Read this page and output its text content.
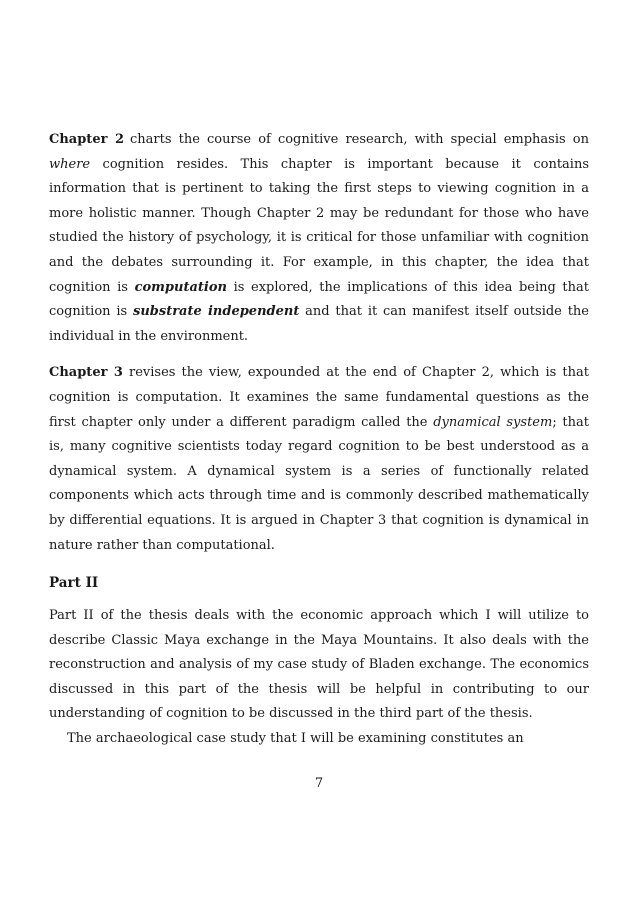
Chapter 2 charts the course of cognitive research, with special emphasis on where cognition resides. This chapter is important because it contains information that is pertinent to taking the first steps to viewing cognition in a more holistic manner. Though Chapter 2 may be redundant for those who have studied the history of psychology, it is critical for those unfamiliar with cognition and the debates surrounding it. For example, in this chapter, the idea that cognition is computation is explored, the implications of this idea being that cognition is substrate independent and that it can manifest itself outside the individual in the environment.

Chapter 3 revises the view, expounded at the end of Chapter 2, which is that cognition is computation. It examines the same fundamental questions as the first chapter only under a different paradigm called the dynamical system; that is, many cognitive scientists today regard cognition to be best understood as a dynamical system. A dynamical system is a series of functionally related components which acts through time and is commonly described mathematically by differential equations. It is argued in Chapter 3 that cognition is dynamical in nature rather than computational.

Part II

Part II of the thesis deals with the economic approach which I will utilize to describe Classic Maya exchange in the Maya Mountains. It also deals with the reconstruction and analysis of my case study of Bladen exchange. The economics discussed in this part of the thesis will be helpful in contributing to our understanding of cognition to be discussed in the third part of the thesis.

The archaeological case study that I will be examining constitutes an

7
